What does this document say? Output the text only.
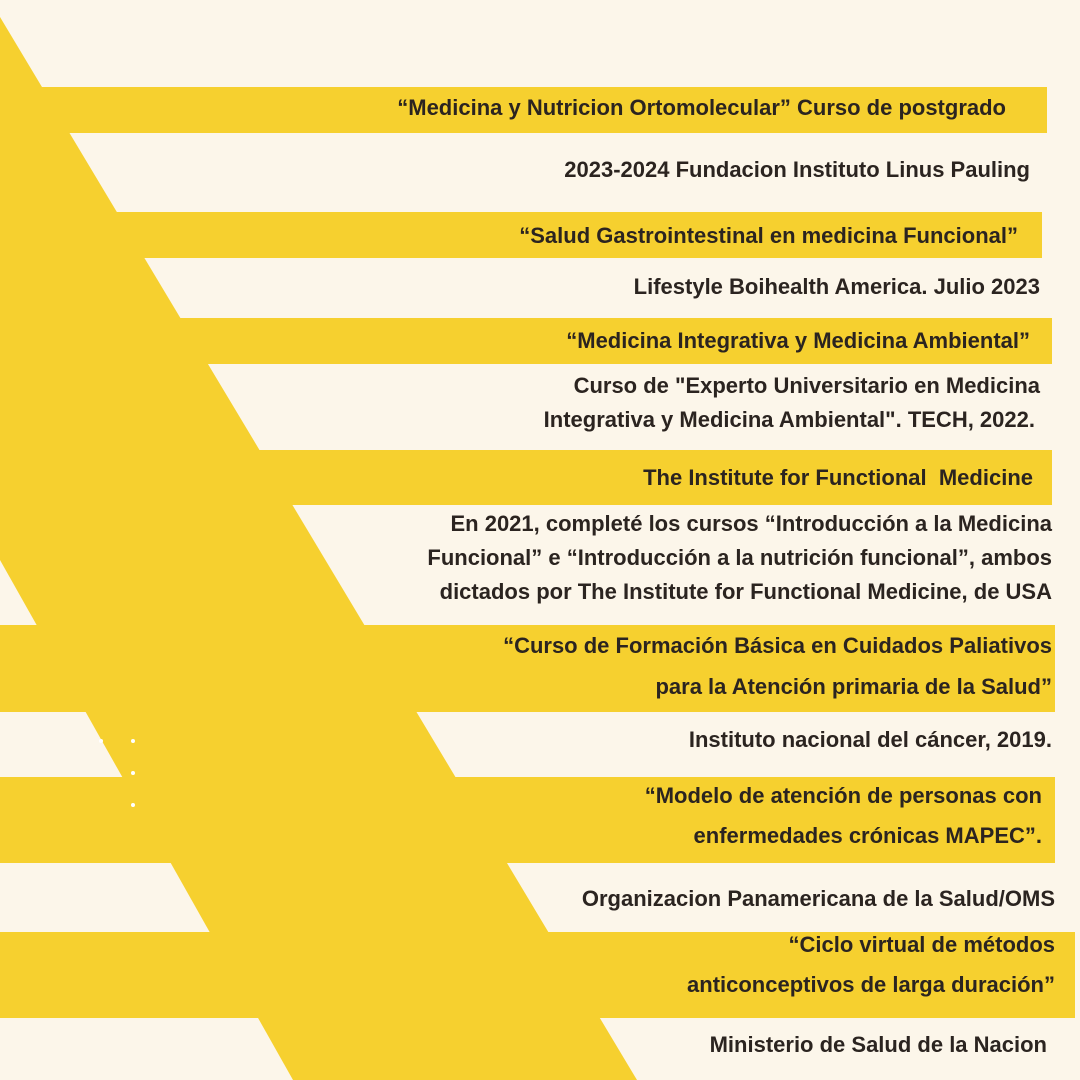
“Medicina y Nutricion Ortomolecular” Curso de postgrado
2023-2024 Fundacion Instituto Linus Pauling
“Salud Gastrointestinal en medicina Funcional”
Lifestyle Boihealth America. Julio 2023
“Medicina Integrativa y Medicina Ambiental”
Curso de "Experto Universitario en Medicina
Integrativa y Medicina Ambiental". TECH, 2022.
The Institute for Functional  Medicine
En 2021, completé los cursos “Introducción a la Medicina
Funcional” e “Introducción a la nutrición funcional”, ambos
dictados por The Institute for Functional Medicine, de USA
“Curso de Formación Básica en Cuidados Paliativos
para la Atención primaria de la Salud”
Instituto nacional del cáncer, 2019.
“Modelo de atención de personas con
enfermedades crónicas MAPEC”.
Organizacion Panamericana de la Salud/OMS
“Ciclo virtual de métodos
anticonceptivos de larga duración”
Ministerio de Salud de la Nacion
